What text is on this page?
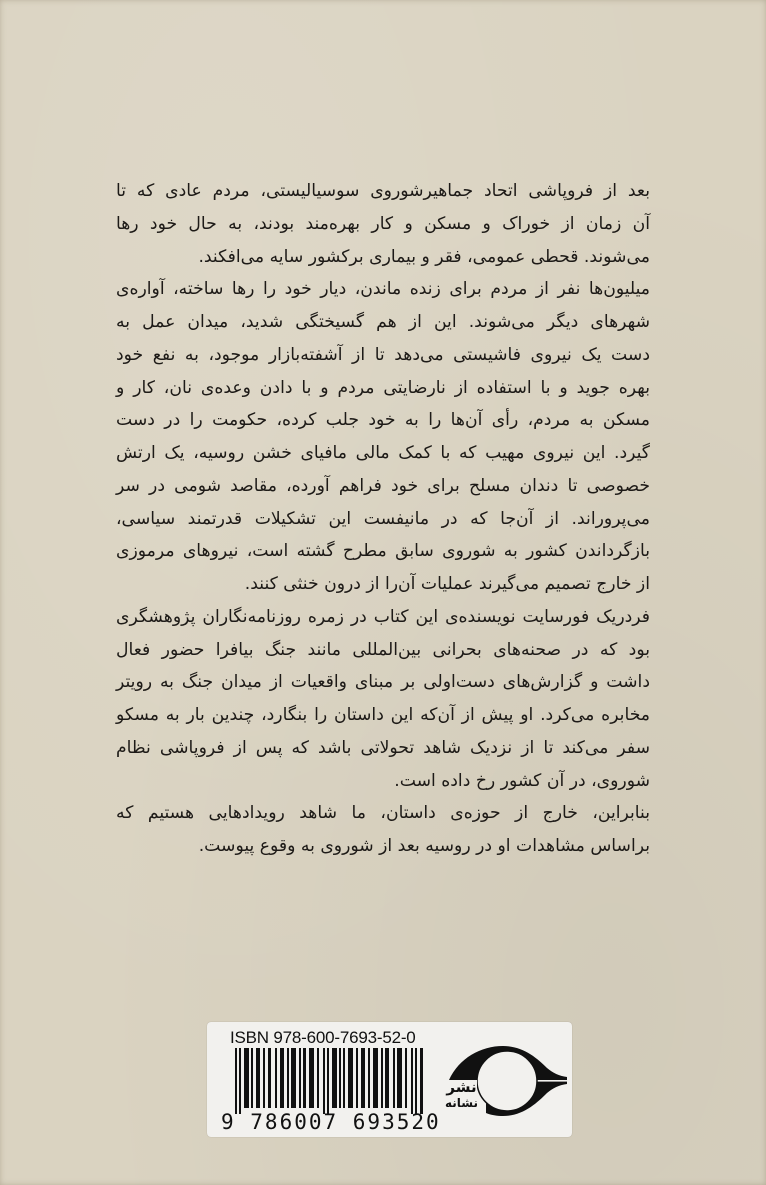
بعد از فروپاشی اتحاد جماهیرشوروی سوسیالیستی، مردم عادی که تا
آن زمان از خوراک و مسکن و کار بهره‌مند بودند، به حال خود رها
می‌شوند. قحطی عمومی، فقر و بیماری برکشور سایه می‌افکند.
میلیون‌ها نفر از مردم برای زنده ماندن، دیار خود را رها ساخته، آواره‌ی
شهرهای دیگر می‌شوند. این از هم گسیختگی شدید، میدان عمل به
دست یک نیروی فاشیستی می‌دهد تا از آشفته‌بازار موجود، به نفع خود
بهره جوید و با استفاده از نارضایتی مردم و با دادن وعده‌ی نان، کار و
مسکن به مردم، رأی آن‌ها را به خود جلب کرده، حکومت را در دست
گیرد. این نیروی مهیب که با کمک مالی مافیای خشن روسیه، یک ارتش
خصوصی تا دندان مسلح برای خود فراهم آورده، مقاصد شومی در سر
می‌پروراند. از آن‌جا که در مانیفست این تشکیلات قدرتمند سیاسی،
بازگرداندن کشور به شوروی سابق مطرح گشته است، نیروهای مرموزی
از خارج تصمیم می‌گیرند عملیات آن‌را از درون خنثی کنند.
فردریک فورسایت نویسنده‌ی این کتاب در زمره روزنامه‌نگاران پژوهشگری
بود که در صحنه‌های بحرانی بین‌المللی مانند جنگ بیافرا حضور فعال
داشت و گزارش‌های دست‌اولی بر مبنای واقعیات از میدان جنگ به رویتر
مخابره می‌کرد. او پیش از آن‌که این داستان را بنگارد، چندین بار به مسکو
سفر می‌کند تا از نزدیک شاهد تحولاتی باشد که پس از فروپاشی نظام
شوروی، در آن کشور رخ داده است.
بنابراین، خارج از حوزه‌ی داستان، ما شاهد رویدادهایی هستیم که
براساس مشاهدات او در روسیه بعد از شوروی به وقوع پیوست.
ISBN 978-600-7693-52-0
9 786007 693520
نشر
نشانه
